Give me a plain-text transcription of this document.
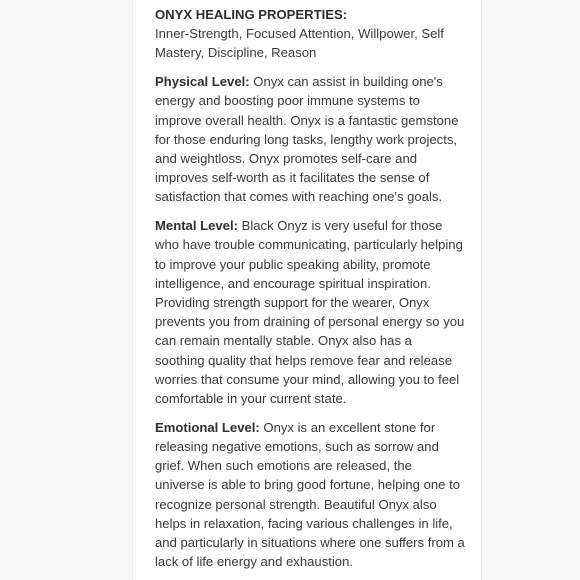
ONYX HEALING PROPERTIES:
Inner-Strength, Focused Attention, Willpower, Self Mastery, Discipline, Reason
Physical Level: Onyx can assist in building one's energy and boosting poor immune systems to improve overall health. Onyx is a fantastic gemstone for those enduring long tasks, lengthy work projects, and weightloss. Onyx promotes self-care and improves self-worth as it facilitates the sense of satisfaction that comes with reaching one's goals.
Mental Level: Black Onyz is very useful for those who have trouble communicating, particularly helping to improve your public speaking ability, promote intelligence, and encourage spiritual inspiration. Providing strength support for the wearer, Onyx prevents you from draining of personal energy so you can remain mentally stable. Onyx also has a soothing quality that helps remove fear and release worries that consume your mind, allowing you to feel comfortable in your current state.
Emotional Level: Onyx is an excellent stone for releasing negative emotions, such as sorrow and grief. When such emotions are released, the universe is able to bring good fortune, helping one to recognize personal strength. Beautiful Onyx also helps in relaxation, facing various challenges in life, and particularly in situations where one suffers from a lack of life energy and exhaustion.
